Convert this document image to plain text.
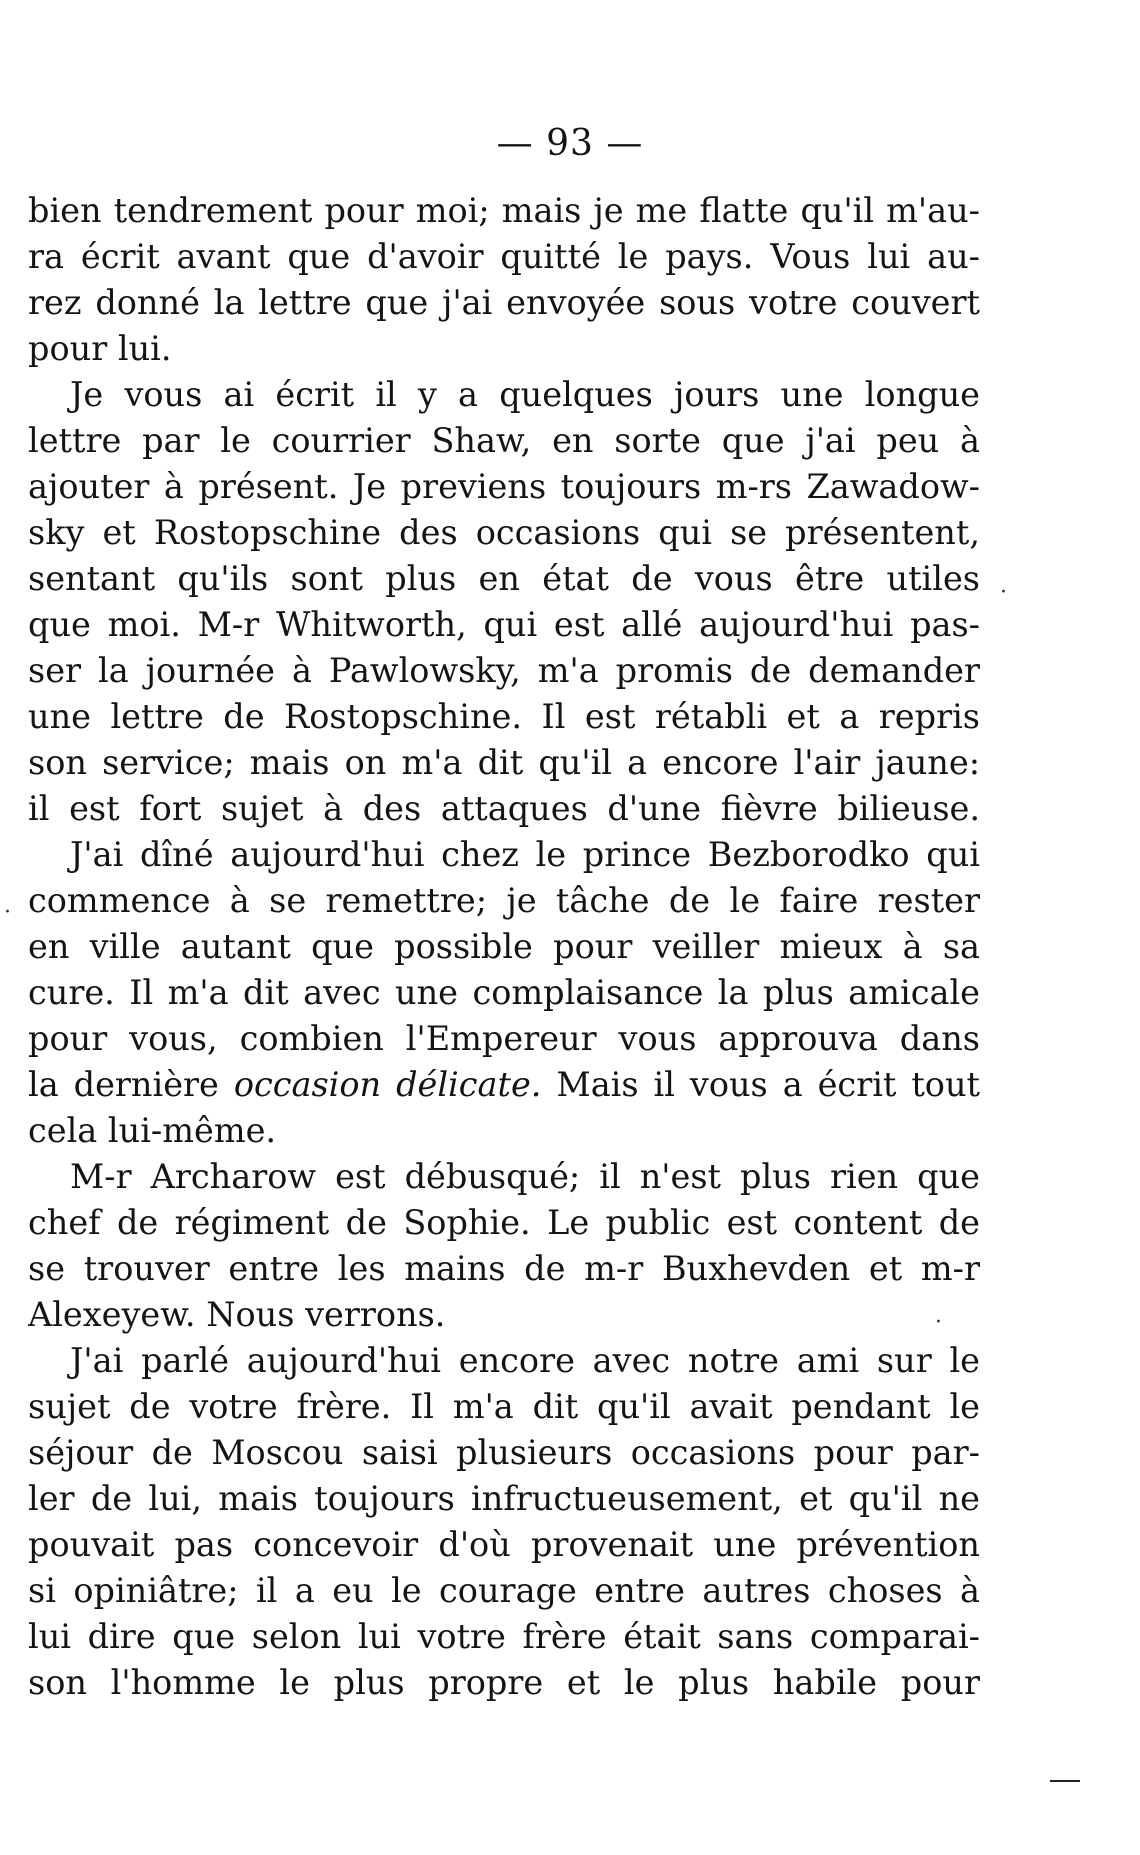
— 93 —
bien tendrement pour moi; mais je me flatte qu'il m'au-
ra écrit avant que d'avoir quitté le pays. Vous lui au-
rez donné la lettre que j'ai envoyée sous votre couvert
pour lui.
Je vous ai écrit il y a quelques jours une longue
lettre par le courrier Shaw, en sorte que j'ai peu à
ajouter à présent. Je previens toujours m-rs Zawadow-
sky et Rostopschine des occasions qui se présentent,
sentant qu'ils sont plus en état de vous être utiles
que moi. M-r Whitworth, qui est allé aujourd'hui pas-
ser la journée à Pawlowsky, m'a promis de demander
une lettre de Rostopschine. Il est rétabli et a repris
son service; mais on m'a dit qu'il a encore l'air jaune:
il est fort sujet à des attaques d'une fièvre bilieuse.
J'ai dîné aujourd'hui chez le prince Bezborodko qui
commence à se remettre; je tâche de le faire rester
en ville autant que possible pour veiller mieux à sa
cure. Il m'a dit avec une complaisance la plus amicale
pour vous, combien l'Empereur vous approuva dans
la dernière occasion délicate. Mais il vous a écrit tout
cela lui-même.
M-r Archarow est débusqué; il n'est plus rien que
chef de régiment de Sophie. Le public est content de
se trouver entre les mains de m-r Buxhevden et m-r
Alexeyew. Nous verrons.
J'ai parlé aujourd'hui encore avec notre ami sur le
sujet de votre frère. Il m'a dit qu'il avait pendant le
séjour de Moscou saisi plusieurs occasions pour par-
ler de lui, mais toujours infructueusement, et qu'il ne
pouvait pas concevoir d'où provenait une prévention
si opiniâtre; il a eu le courage entre autres choses à
lui dire que selon lui votre frère était sans comparai-
son l'homme le plus propre et le plus habile pour
·
·
·
